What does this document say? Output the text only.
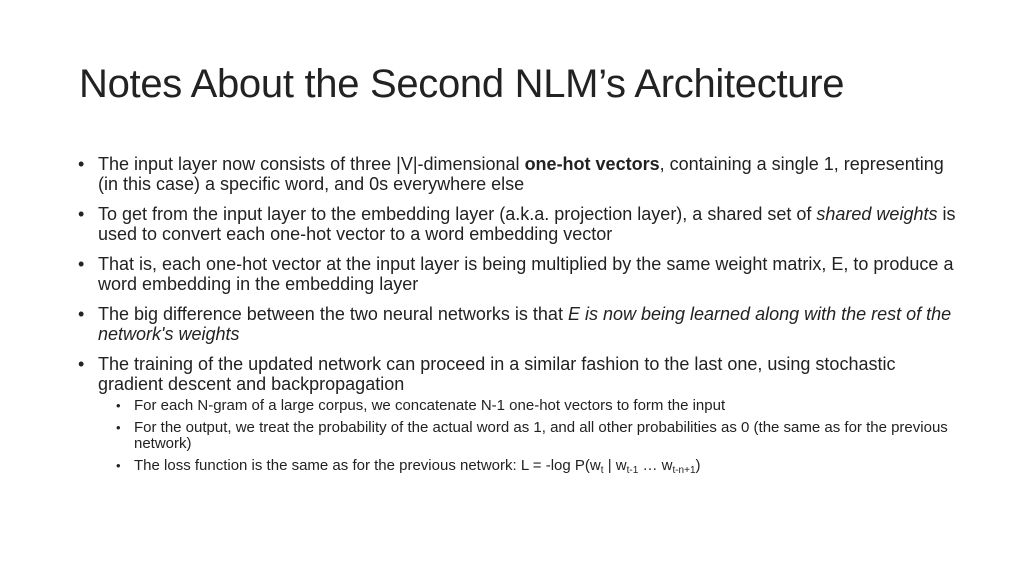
Notes About the Second NLM’s Architecture
• The input layer now consists of three |V|-dimensional one-hot vectors, containing a single 1, representing (in this case) a specific word, and 0s everywhere else
• To get from the input layer to the embedding layer (a.k.a. projection layer), a shared set of shared weights is used to convert each one-hot vector to a word embedding vector
• That is, each one-hot vector at the input layer is being multiplied by the same weight matrix, E, to produce a word embedding in the embedding layer
• The big difference between the two neural networks is that E is now being learned along with the rest of the network's weights
• The training of the updated network can proceed in a similar fashion to the last one, using stochastic gradient descent and backpropagation
• For each N-gram of a large corpus, we concatenate N-1 one-hot vectors to form the input
• For the output, we treat the probability of the actual word as 1, and all other probabilities as 0 (the same as for the previous network)
• The loss function is the same as for the previous network: L = -log $P(w_t$ | $w_{t-1}$ … $w_{t-n+1}$)
